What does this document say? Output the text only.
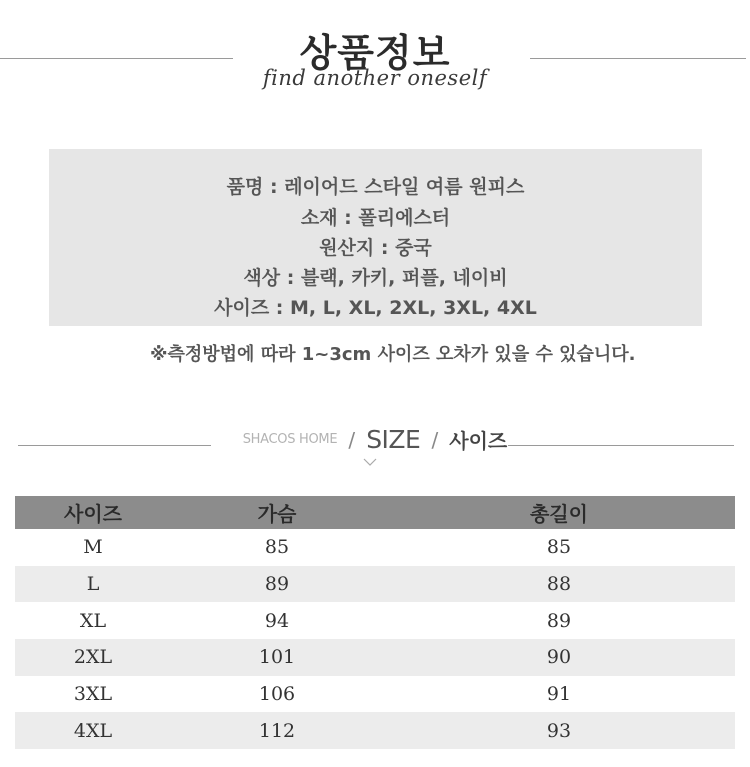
상품정보
find another oneself
품명 : 레이어드 스타일 여름 원피스
소재 : 폴리에스터
원산지 : 중국
색상 : 블랙, 카키, 퍼플, 네이비
사이즈 : M, L, XL, 2XL, 3XL, 4XL
※측정방법에 따라 1~3cm 사이즈 오차가 있을 수 있습니다.
SHACOS HOME / SIZE / 사이즈
사이즈	가슴	총길이
M	85	85
L	89	88
XL	94	89
2XL	101	90
3XL	106	91
4XL	112	93
